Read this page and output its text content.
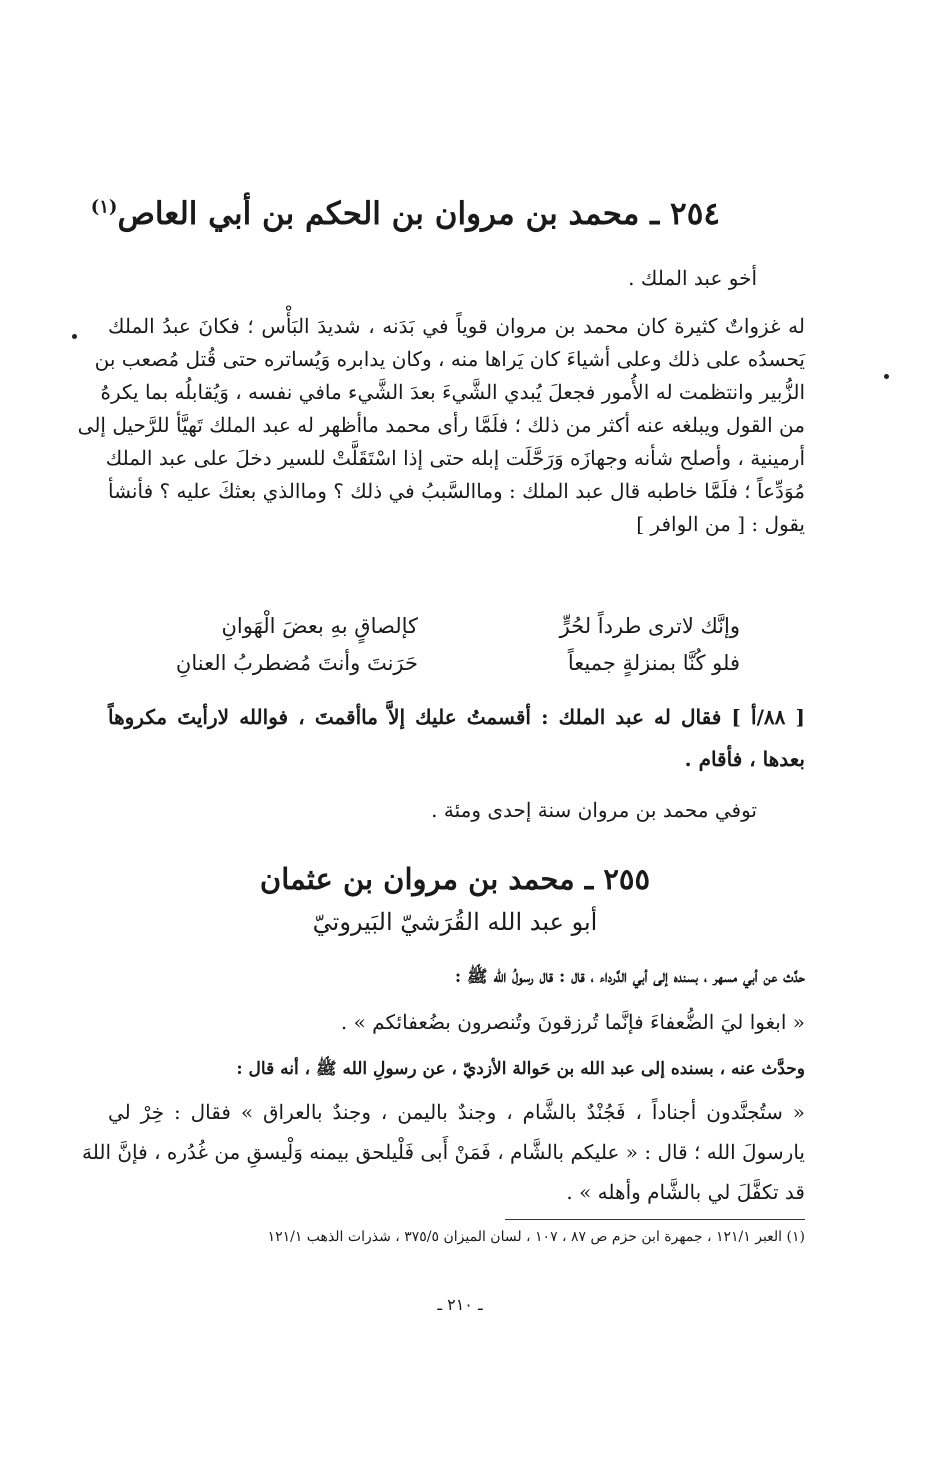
٢٥٤ ـ محمد بن مروان بن الحكم بن أبي العاص$^{(١)}$
أخو عبد الملك .
له غزواتٌ كثيرة كان محمد بن مروان قوياً في بَدَنه ، شديدَ البَأْس ؛ فكانَ عبدُ الملك
يَحسدُه على ذلك وعلى أشياءَ كان يَراها منه ، وكان يدابره وَيُساتره حتى قُتل مُصعب بن
الزُّبير وانتظمت له الأُمور فجعلَ يُبدي الشَّيءَ بعدَ الشَّيء مافي نفسه ، وَيُقابلُه بما يكرهُ
من القول ويبلغه عنه أكثر من ذلك ؛ فلَمَّا رأى محمد ماأظهر له عبد الملك تَهيَّأ للرَّحيل إلى
أرمينية ، وأصلح شأنه وجهازَه وَرَحَّلَت إبله حتى إذا اسْتَقَلَّتْ للسير دخلَ على عبد الملك
مُوَدِّعاً ؛ فلَمَّا خاطبه قال عبد الملك : وماالسَّببُ في ذلك ؟ وماالذي بعثكَ عليه ؟ فأنشأ
يقول : [ من الوافر ]
وإنَّك لاترى طرداً لحُرٍّ
كإلصاقٍ بهِ بعضَ الْهَوانِ
فلو كُنَّا بمنزلةٍ جميعاً
حَرَنتَ وأنتَ مُضطربُ العنانِ
[ ٨٨/أ ] فقال له عبد الملك : أقسمتُ عليك إلاَّ ماأقمتَ ، فوالله لارأيتَ مكروهاً
بعدها ، فأقام .
توفي محمد بن مروان سنة إحدى ومئة .
٢٥٥ ـ محمد بن مروان بن عثمان
أبو عبد الله القُرَشيّ البَيروتيّ
حدَّث عن أبي مسهر ، بسنده إلى أبي الدَّرداء ، قال : قال رسولُ الله ﷺ :
« ابغوا ليَ الضُّعفاءَ فإنَّما تُرزقونَ وتُنصرون بضُعفائكم » .
وحدَّث عنه ، بسنده إلى عبد الله بن حَوالة الأزديّ ، عن رسولِ الله ﷺ ، أنه قال :
« ستُجنَّدون أجناداً ، فَجُنْدٌ بالشَّام ، وجندٌ باليمن ، وجندٌ بالعراق » فقال : خِرْ لي
يارسولَ الله ؛ قال : « عليكم بالشَّام ، فَمَنْ أَبى فَلْيلحق بيمنه وَلْيسقِ من غُدُره ، فإنَّ اللهَ
قد تكفَّلَ لي بالشَّام وأهله » .
(١) العبر ١٢١/١ ، جمهرة ابن حزم ص ٨٧ ، ١٠٧ ، لسان الميزان ٣٧٥/٥ ، شذرات الذهب ١٢١/١
ـ ٢١٠ ـ
